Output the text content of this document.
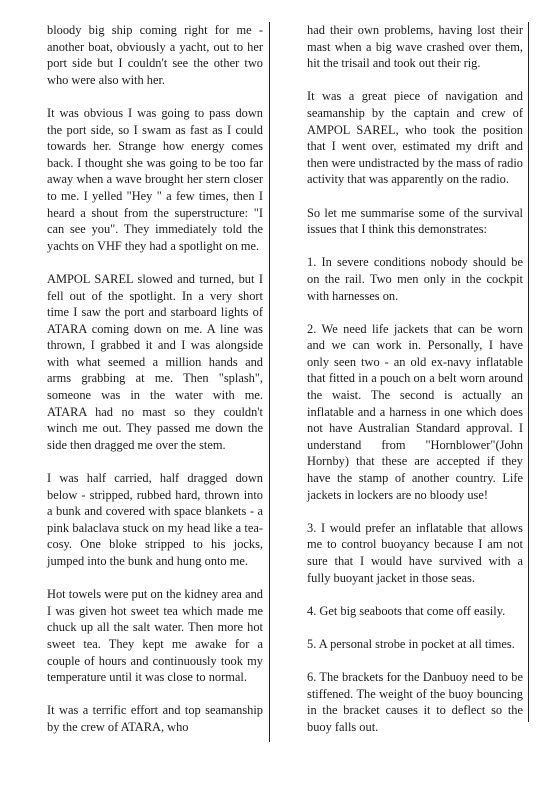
bloody big ship coming right for me - another boat, obviously a yacht, out to her port side but I couldn't see the other two who were also with her.

It was obvious I was going to pass down the port side, so I swam as fast as I could towards her. Strange how energy comes back. I thought she was going to be too far away when a wave brought her stern closer to me. I yelled "Hey " a few times, then I heard a shout from the superstructure: "I can see you". They immediately told the yachts on VHF they had a spotlight on me.

AMPOL SAREL slowed and turned, but I fell out of the spotlight. In a very short time I saw the port and starboard lights of ATARA coming down on me. A line was thrown, I grabbed it and I was alongside with what seemed a million hands and arms grabbing at me. Then "splash", someone was in the water with me. ATARA had no mast so they couldn't winch me out. They passed me down the side then dragged me over the stem.

I was half carried, half dragged down below - stripped, rubbed hard, thrown into a bunk and covered with space blankets - a pink balaclava stuck on my head like a tea-cosy. One bloke stripped to his jocks, jumped into the bunk and hung onto me.

Hot towels were put on the kidney area and I was given hot sweet tea which made me chuck up all the salt water. Then more hot sweet tea. They kept me awake for a couple of hours and continuously took my temperature until it was close to normal.

It was a terrific effort and top seamanship by the crew of ATARA, who

had their own problems, having lost their mast when a big wave crashed over them, hit the trisail and took out their rig.

It was a great piece of navigation and seamanship by the captain and crew of AMPOL SAREL, who took the position that I went over, estimated my drift and then were undistracted by the mass of radio activity that was apparently on the radio.

So let me summarise some of the survival issues that I think this demonstrates:

1. In severe conditions nobody should be on the rail. Two men only in the cockpit with harnesses on.

2. We need life jackets that can be worn and we can work in. Personally, I have only seen two - an old ex-navy inflatable that fitted in a pouch on a belt worn around the waist. The second is actually an inflatable and a harness in one which does not have Australian Standard approval. I understand from "Hornblower"(John Hornby) that these are accepted if they have the stamp of another country. Life jackets in lockers are no bloody use!

3. I would prefer an inflatable that allows me to control buoyancy because I am not sure that I would have survived with a fully buoyant jacket in those seas.

4. Get big seaboots that come off easily.

5. A personal strobe in pocket at all times.

6. The brackets for the Danbuoy need to be stiffened. The weight of the buoy bouncing in the bracket causes it to deflect so the buoy falls out.
